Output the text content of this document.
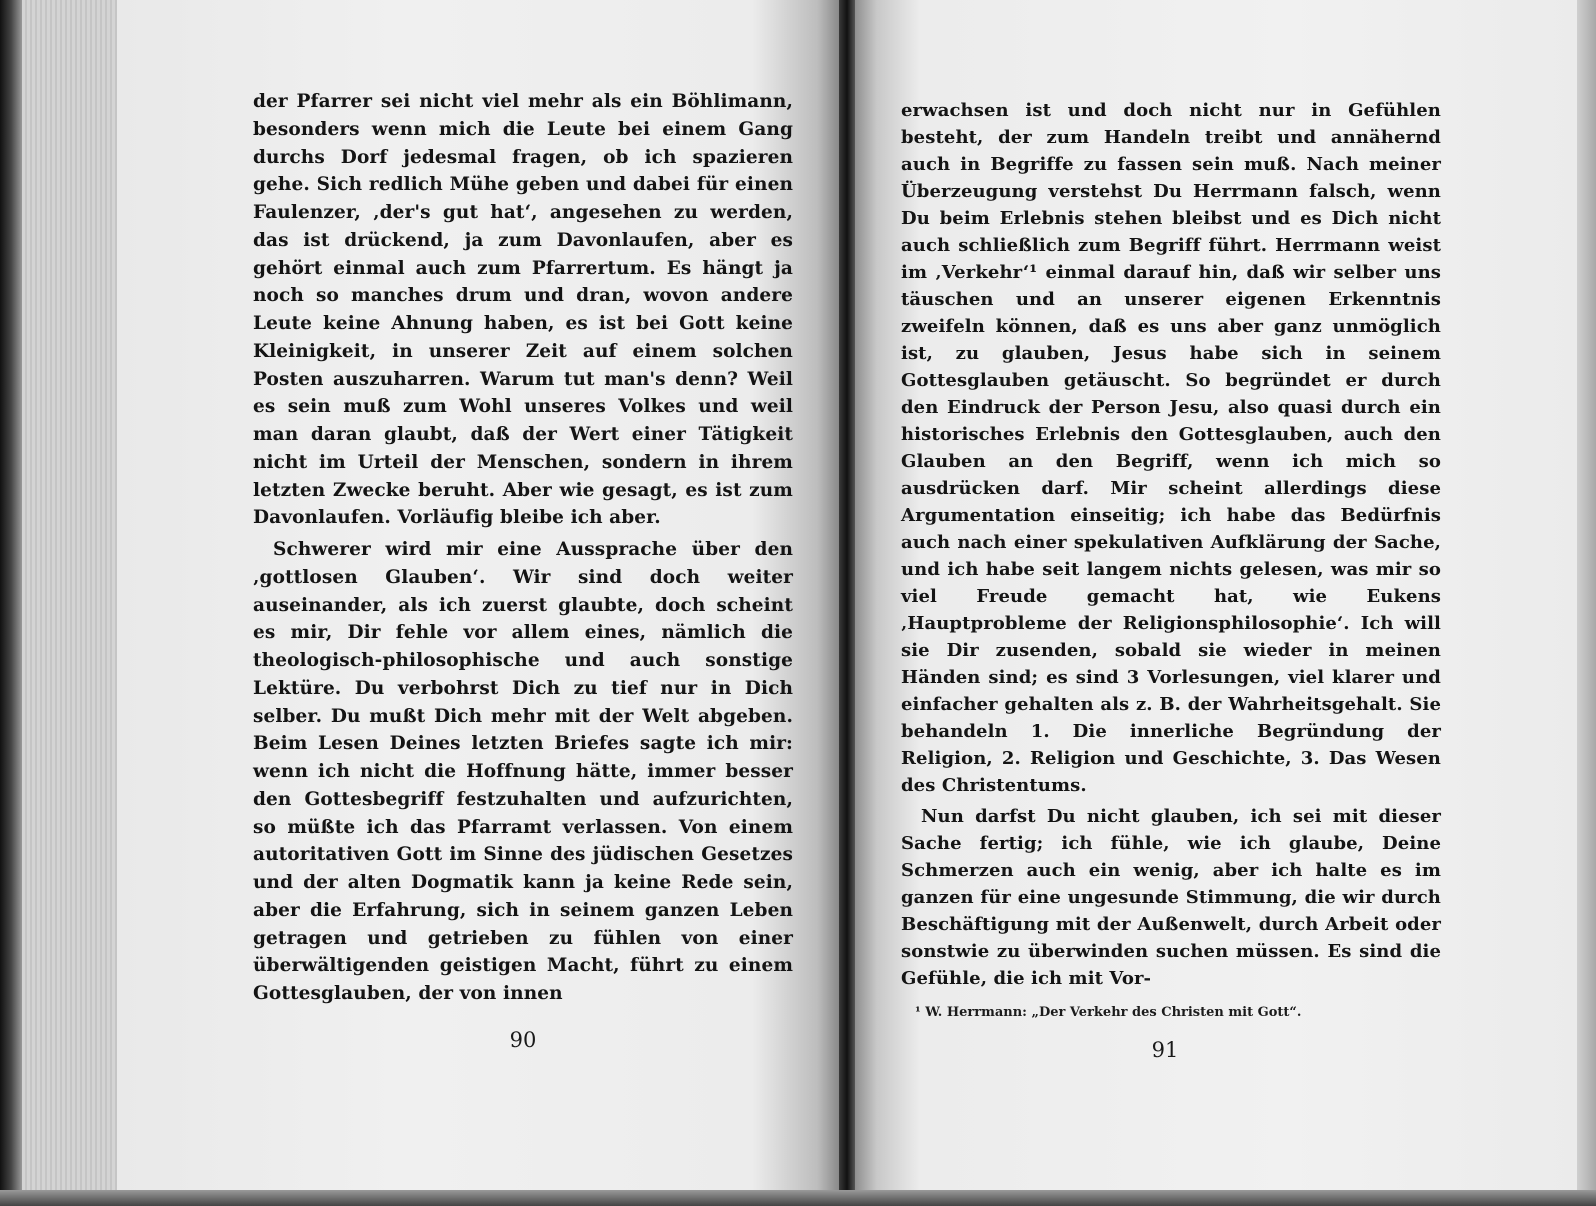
der Pfarrer sei nicht viel mehr als ein Böhlimann, besonders wenn mich die Leute bei einem Gang durchs Dorf jedesmal fragen, ob ich spazieren gehe. Sich redlich Mühe geben und dabei für einen Faulenzer, ‚der's gut hat‘, angesehen zu werden, das ist drückend, ja zum Davonlaufen, aber es gehört einmal auch zum Pfarrertum. Es hängt ja noch so manches drum und dran, wovon andere Leute keine Ahnung haben, es ist bei Gott keine Kleinigkeit, in unserer Zeit auf einem solchen Posten auszuharren. Warum tut man's denn? Weil es sein muß zum Wohl unseres Volkes und weil man daran glaubt, daß der Wert einer Tätigkeit nicht im Urteil der Menschen, sondern in ihrem letzten Zwecke beruht. Aber wie gesagt, es ist zum Davonlaufen. Vorläufig bleibe ich aber.

Schwerer wird mir eine Aussprache über den ‚gottlosen Glauben‘. Wir sind doch weiter auseinander, als ich zuerst glaubte, doch scheint es mir, Dir fehle vor allem eines, nämlich die theologisch-philosophische und auch sonstige Lektüre. Du verbohrst Dich zu tief nur in Dich selber. Du mußt Dich mehr mit der Welt abgeben. Beim Lesen Deines letzten Briefes sagte ich mir: wenn ich nicht die Hoffnung hätte, immer besser den Gottesbegriff festzuhalten und aufzurichten, so müßte ich das Pfarramt verlassen. Von einem autoritativen Gott im Sinne des jüdischen Gesetzes und der alten Dogmatik kann ja keine Rede sein, aber die Erfahrung, sich in seinem ganzen Leben getragen und getrieben zu fühlen von einer überwältigenden geistigen Macht, führt zu einem Gottesglauben, der von innen

90

erwachsen ist und doch nicht nur in Gefühlen besteht, der zum Handeln treibt und annähernd auch in Begriffe zu fassen sein muß. Nach meiner Überzeugung verstehst Du Herrmann falsch, wenn Du beim Erlebnis stehen bleibst und es Dich nicht auch schließlich zum Begriff führt. Herrmann weist im ‚Verkehr‘¹ einmal darauf hin, daß wir selber uns täuschen und an unserer eigenen Erkenntnis zweifeln können, daß es uns aber ganz unmöglich ist, zu glauben, Jesus habe sich in seinem Gottesglauben getäuscht. So begründet er durch den Eindruck der Person Jesu, also quasi durch ein historisches Erlebnis den Gottesglauben, auch den Glauben an den Begriff, wenn ich mich so ausdrücken darf. Mir scheint allerdings diese Argumentation einseitig; ich habe das Bedürfnis auch nach einer spekulativen Aufklärung der Sache, und ich habe seit langem nichts gelesen, was mir so viel Freude gemacht hat, wie Eukens ‚Hauptprobleme der Religionsphilosophie‘. Ich will sie Dir zusenden, sobald sie wieder in meinen Händen sind; es sind 3 Vorlesungen, viel klarer und einfacher gehalten als z. B. der Wahrheitsgehalt. Sie behandeln 1. Die innerliche Begründung der Religion, 2. Religion und Geschichte, 3. Das Wesen des Christentums.

Nun darfst Du nicht glauben, ich sei mit dieser Sache fertig; ich fühle, wie ich glaube, Deine Schmerzen auch ein wenig, aber ich halte es im ganzen für eine ungesunde Stimmung, die wir durch Beschäftigung mit der Außenwelt, durch Arbeit oder sonstwie zu überwinden suchen müssen. Es sind die Gefühle, die ich mit Vor-

¹ W. Herrmann: „Der Verkehr des Christen mit Gott“.
91
